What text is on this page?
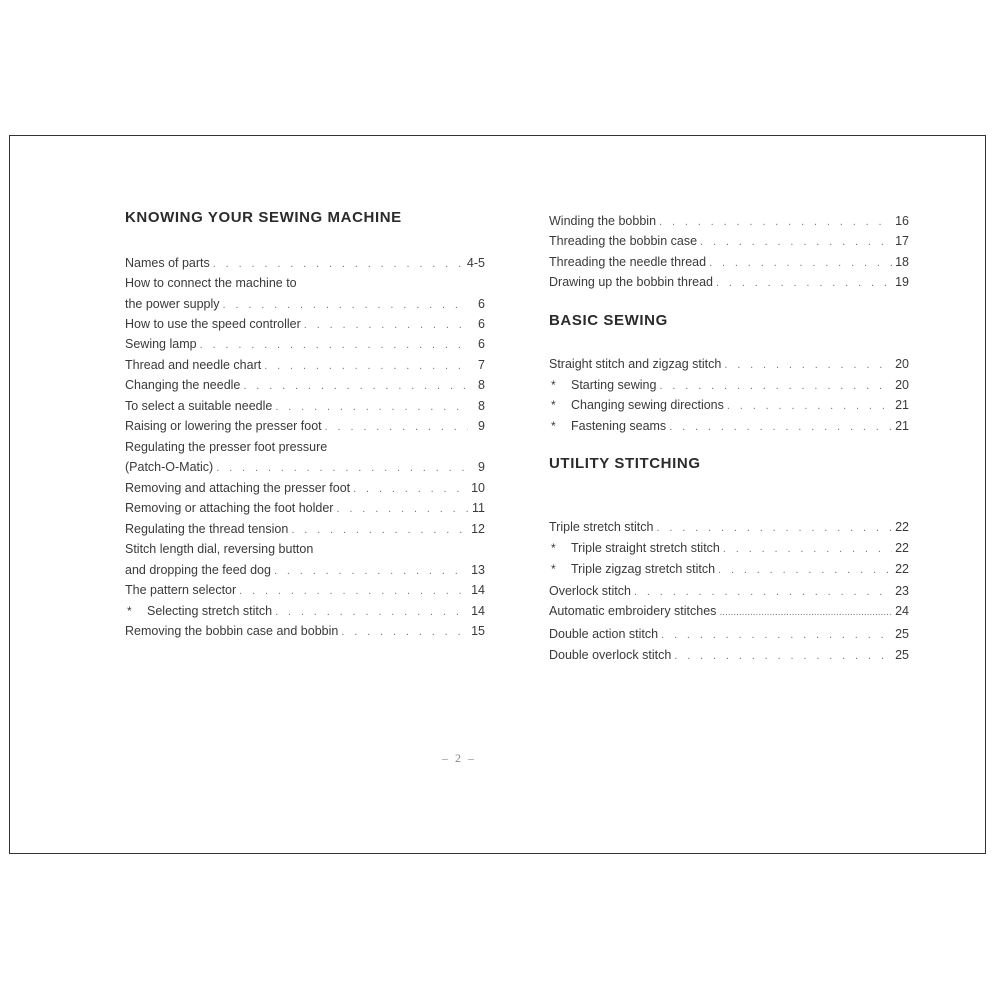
KNOWING YOUR SEWING MACHINE
Names of parts . . .	4-5
How to connect the machine to
the power supply . . .	6
How to use the speed controller . . .	6
Sewing lamp . . .	6
Thread and needle chart . . .	7
Changing the needle . . .	8
To select a suitable needle . . .	8
Raising or lowering the presser foot . . .	9
Regulating the presser foot pressure
(Patch-O-Matic) . . .	9
Removing and attaching the presser foot . . .	10
Removing or attaching the foot holder . . .	11
Regulating the thread tension . . .	12
Stitch length dial, reversing button
and dropping the feed dog . . .	13
The pattern selector . . .	14
*	Selecting stretch stitch . . .	14
Removing the bobbin case and bobbin . . .	15
Winding the bobbin . . .	16
Threading the bobbin case . . .	17
Threading the needle thread . . .	18
Drawing up the bobbin thread . . .	19
BASIC SEWING
Straight stitch and zigzag stitch . . .	20
*	Starting sewing . . .	20
*	Changing sewing directions . . .	21
*	Fastening seams . . .	21
UTILITY STITCHING
Triple stretch stitch . . .	22
*	Triple straight stretch stitch . . .	22
*	Triple zigzag stretch stitch . . .	22
Overlock stitch . . .	23
Automatic embroidery stitches .....	24
Double action stitch . . .	25
Double overlock stitch . . .	25
– 2 –
